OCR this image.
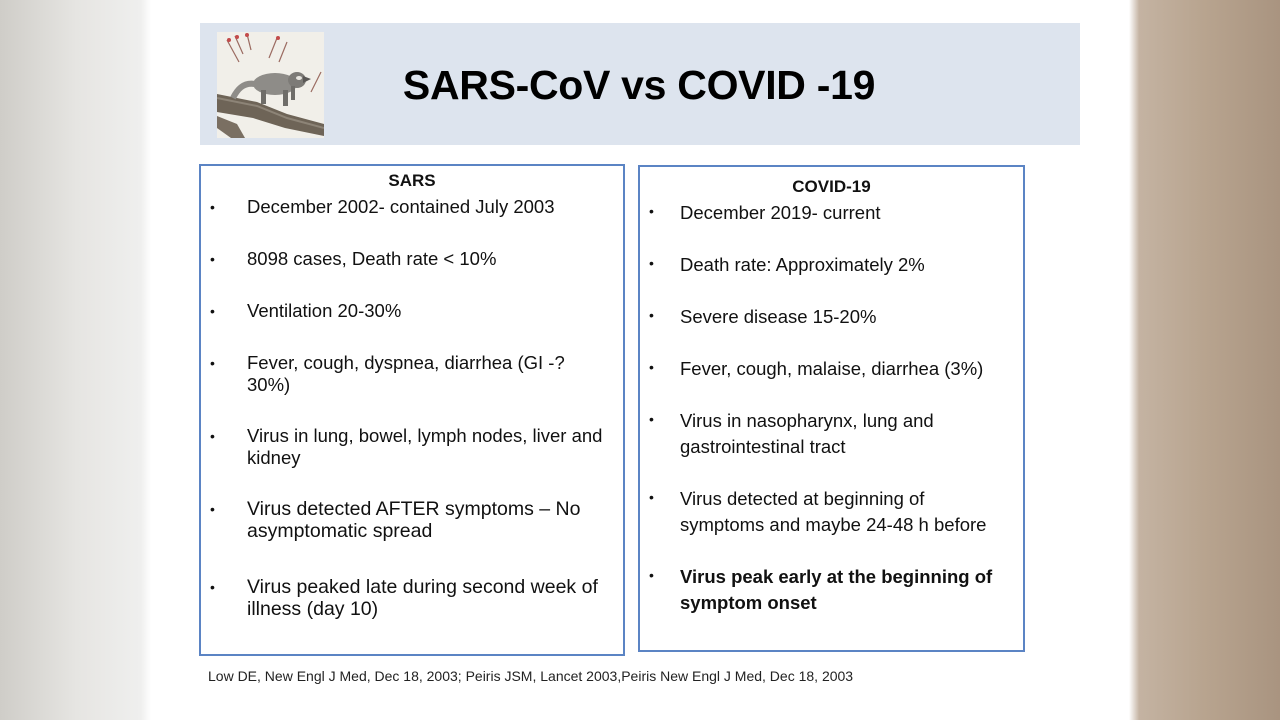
SARS-CoV vs COVID -19
SARS
• December 2002- contained July 2003
• 8098 cases, Death rate < 10%
• Ventilation 20-30%
• Fever, cough, dyspnea, diarrhea (GI -? 30%)
• Virus in lung, bowel, lymph nodes, liver and kidney
• Virus detected AFTER symptoms – No asymptomatic spread
• Virus peaked late during second week of illness (day 10)
COVID-19
• December 2019- current
• Death rate: Approximately 2%
• Severe disease 15-20%
• Fever, cough, malaise, diarrhea (3%)
• Virus in nasopharynx, lung and gastrointestinal tract
• Virus detected at beginning of symptoms and maybe 24-48 h before
• Virus peak early at the beginning of symptom onset
Low DE, New Engl J Med, Dec 18, 2003; Peiris JSM, Lancet 2003,Peiris New Engl J Med, Dec 18, 2003
